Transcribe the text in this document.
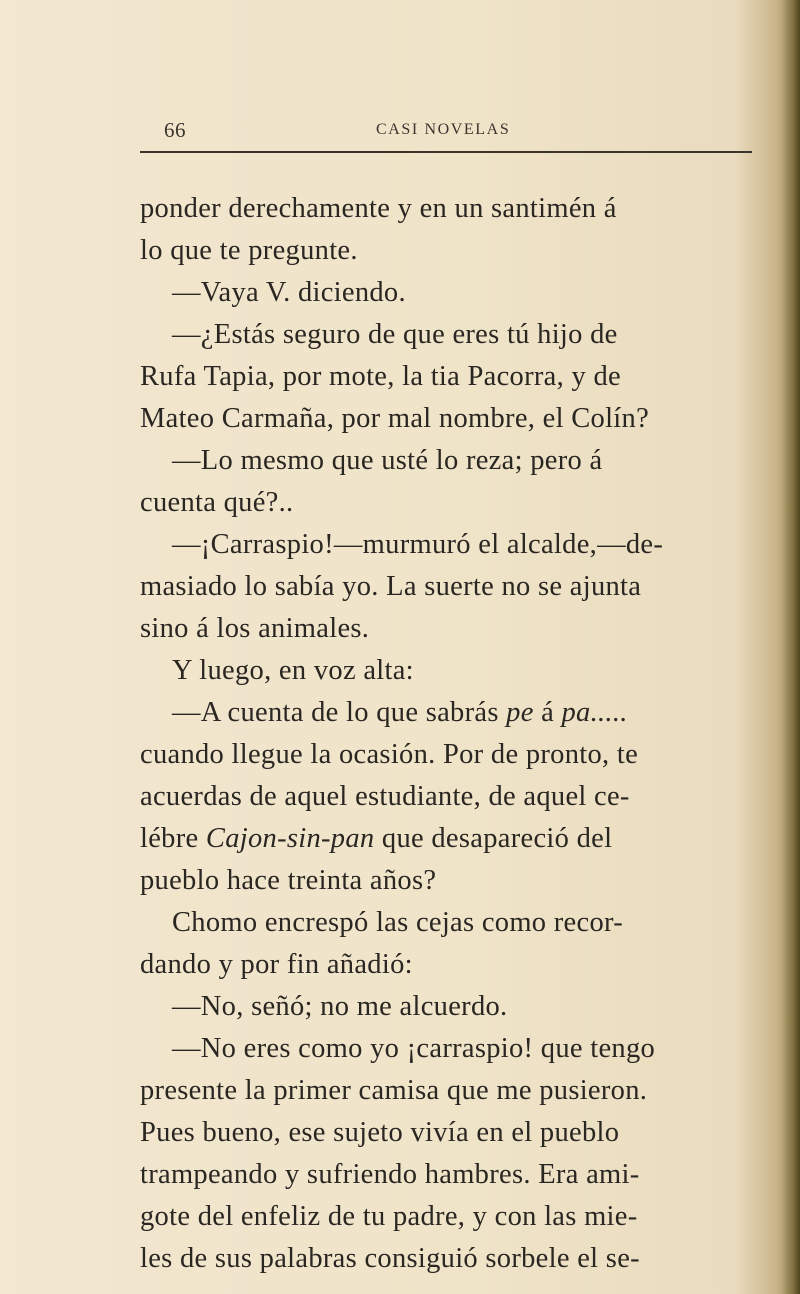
66	CASI NOVELAS
ponder derechamente y en un santimén á
lo que te pregunte.
—Vaya V. diciendo.
—¿Estás seguro de que eres tú hijo de
Rufa Tapia, por mote, la tia Pacorra, y de
Mateo Carmaña, por mal nombre, el Colín?
—Lo mesmo que usté lo reza; pero á
cuenta qué?..
—¡Carraspio!—murmuró el alcalde,—de-
masiado lo sabía yo. La suerte no se ajunta
sino á los animales.
Y luego, en voz alta:
—A cuenta de lo que sabrás pe á pa.....
cuando llegue la ocasión. Por de pronto, te
acuerdas de aquel estudiante, de aquel ce-
lébre Cajon-sin-pan que desapareció del
pueblo hace treinta años?
Chomo encrespó las cejas como recor-
dando y por fin añadió:
—No, señó; no me alcuerdo.
—No eres como yo ¡carraspio! que tengo
presente la primer camisa que me pusieron.
Pues bueno, ese sujeto vivía en el pueblo
trampeando y sufriendo hambres. Era ami-
gote del enfeliz de tu padre, y con las mie-
les de sus palabras consiguió sorbele el se-
